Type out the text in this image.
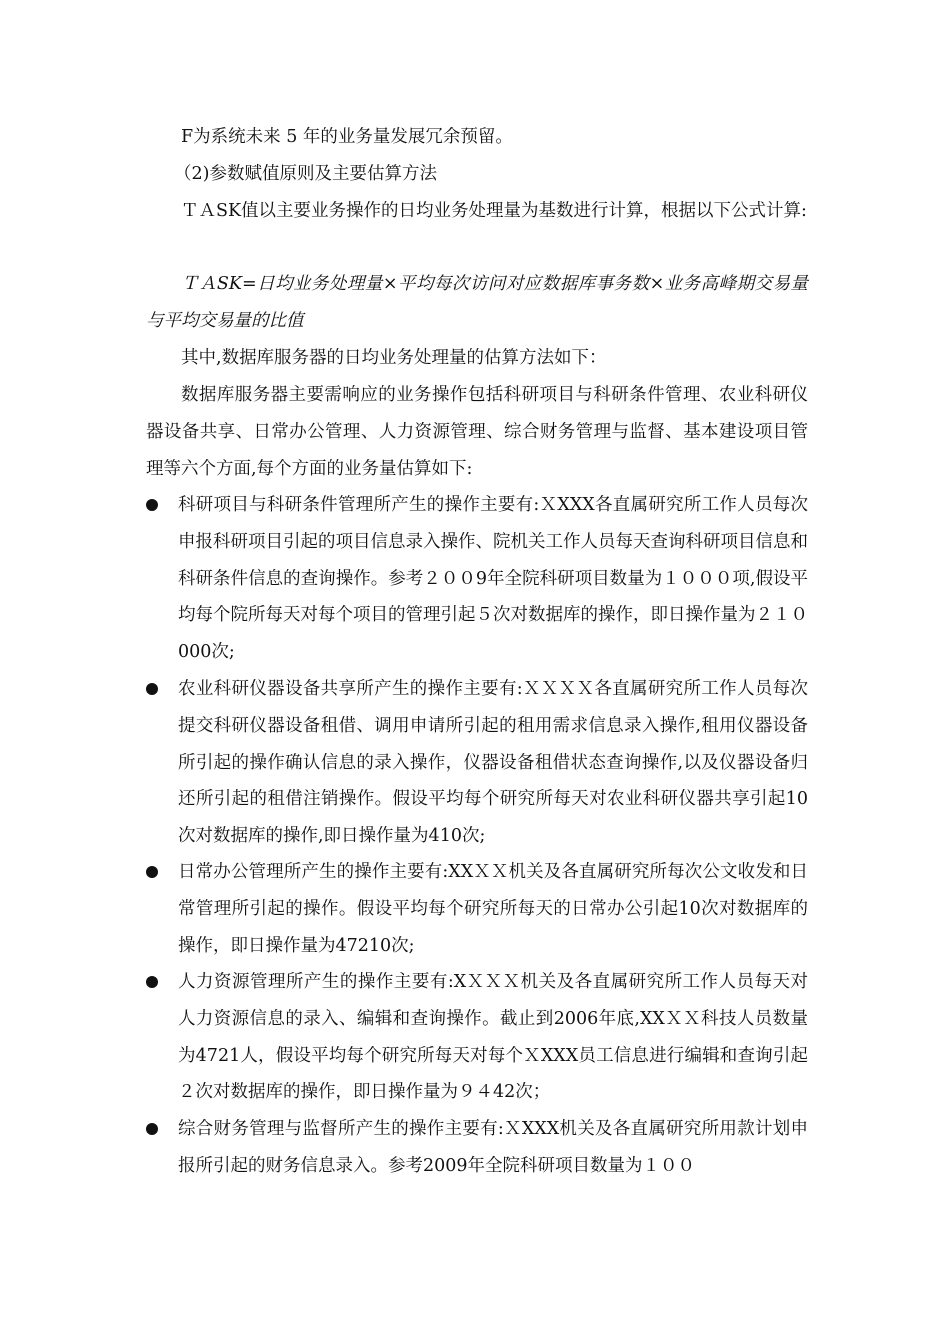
F为系统未来 5 年的业务量发展冗余预留。

（2)参数赋值原则及主要估算方法

ＴＡSK值以主要业务操作的日均业务处理量为基数进行计算，根据以下公式计算:

ＴＡSK=日均业务处理量×平均每次访问对应数据库事务数×业务高峰期交易量与平均交易量的比值

其中,数据库服务器的日均业务处理量的估算方法如下：

数据库服务器主要需响应的业务操作包括科研项目与科研条件管理、农业科研仪器设备共享、日常办公管理、人力资源管理、综合财务管理与监督、基本建设项目管理等六个方面,每个方面的业务量估算如下:

科研项目与科研条件管理所产生的操作主要有:ＸXXX各直属研究所工作人员每次申报科研项目引起的项目信息录入操作、院机关工作人员每天查询科研项目信息和科研条件信息的查询操作。参考２００9年全院科研项目数量为１０００项,假设平均每个院所每天对每个项目的管理引起５次对数据库的操作，即日操作量为２１０000次;
农业科研仪器设备共享所产生的操作主要有:ＸＸＸＸ各直属研究所工作人员每次提交科研仪器设备租借、调用申请所引起的租用需求信息录入操作,租用仪器设备所引起的操作确认信息的录入操作，仪器设备租借状态查询操作,以及仪器设备归还所引起的租借注销操作。假设平均每个研究所每天对农业科研仪器共享引起10次对数据库的操作,即日操作量为410次;
日常办公管理所产生的操作主要有:XXＸＸ机关及各直属研究所每次公文收发和日常管理所引起的操作。假设平均每个研究所每天的日常办公引起10次对数据库的操作，即日操作量为47210次;
人力资源管理所产生的操作主要有:XＸＸＸ机关及各直属研究所工作人员每天对人力资源信息的录入、编辑和查询操作。截止到2006年底,XXＸＸ科技人员数量为4721人，假设平均每个研究所每天对每个ＸXXX员工信息进行编辑和查询引起２次对数据库的操作，即日操作量为９４42次；
综合财务管理与监督所产生的操作主要有:ＸXXX机关及各直属研究所用款计划申报所引起的财务信息录入。参考2009年全院科研项目数量为１００
